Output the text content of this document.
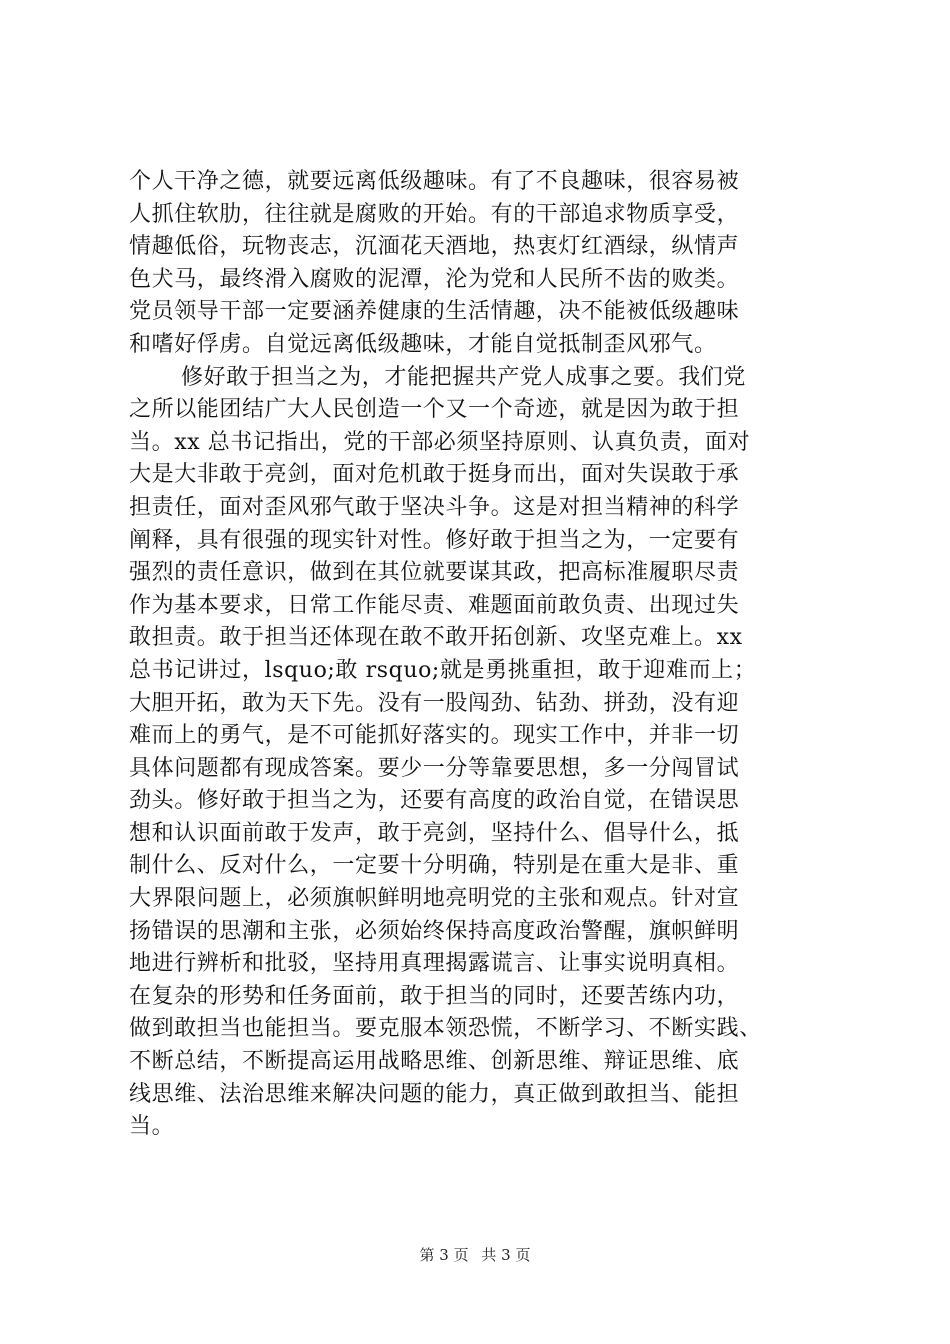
个人干净之德，就要远离低级趣味。有了不良趣味，很容易被
人抓住软肋，往往就是腐败的开始。有的干部追求物质享受，
情趣低俗，玩物丧志，沉湎花天酒地，热衷灯红酒绿，纵情声
色犬马，最终滑入腐败的泥潭，沦为党和人民所不齿的败类。
党员领导干部一定要涵养健康的生活情趣，决不能被低级趣味
和嗜好俘虏。自觉远离低级趣味，才能自觉抵制歪风邪气。
修好敢于担当之为，才能把握共产党人成事之要。我们党
之所以能团结广大人民创造一个又一个奇迹，就是因为敢于担
当。xx 总书记指出，党的干部必须坚持原则、认真负责，面对
大是大非敢于亮剑，面对危机敢于挺身而出，面对失误敢于承
担责任，面对歪风邪气敢于坚决斗争。这是对担当精神的科学
阐释，具有很强的现实针对性。修好敢于担当之为，一定要有
强烈的责任意识，做到在其位就要谋其政，把高标准履职尽责
作为基本要求，日常工作能尽责、难题面前敢负责、出现过失
敢担责。敢于担当还体现在敢不敢开拓创新、攻坚克难上。xx
总书记讲过，lsquo;敢 rsquo;就是勇挑重担，敢于迎难而上；
大胆开拓，敢为天下先。没有一股闯劲、钻劲、拼劲，没有迎
难而上的勇气，是不可能抓好落实的。现实工作中，并非一切
具体问题都有现成答案。要少一分等靠要思想，多一分闯冒试
劲头。修好敢于担当之为，还要有高度的政治自觉，在错误思
想和认识面前敢于发声，敢于亮剑，坚持什么、倡导什么，抵
制什么、反对什么，一定要十分明确，特别是在重大是非、重
大界限问题上，必须旗帜鲜明地亮明党的主张和观点。针对宣
扬错误的思潮和主张，必须始终保持高度政治警醒，旗帜鲜明
地进行辨析和批驳，坚持用真理揭露谎言、让事实说明真相。
在复杂的形势和任务面前，敢于担当的同时，还要苦练内功，
做到敢担当也能担当。要克服本领恐慌，不断学习、不断实践、
不断总结，不断提高运用战略思维、创新思维、辩证思维、底
线思维、法治思维来解决问题的能力，真正做到敢担当、能担
当。
第 3 页 共 3 页
